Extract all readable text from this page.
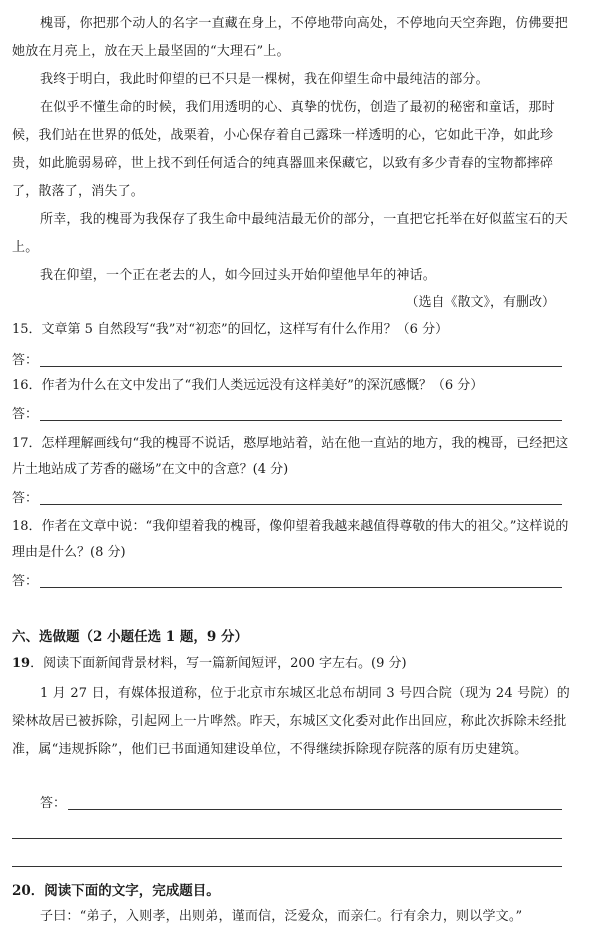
槐哥，你把那个动人的名字一直藏在身上，不停地带向高处，不停地向天空奔跑，仿佛要把她放在月亮上，放在天上最坚固的“大理石”上。

我终于明白，我此时仰望的已不只是一棵树，我在仰望生命中最纯洁的部分。

在似乎不懂生命的时候，我们用透明的心、真挚的忧伤，创造了最初的秘密和童话，那时候，我们站在世界的低处，战栗着，小心保存着自己露珠一样透明的心，它如此干净，如此珍贵，如此脆弱易碎，世上找不到任何适合的纯真器皿来保藏它，以致有多少青春的宝物都摔碎了，散落了，消失了。

所幸，我的槐哥为我保存了我生命中最纯洁最无价的部分，一直把它托举在好似蓝宝石的天上。

我在仰望，一个正在老去的人，如今回过头开始仰望他早年的神话。

（选自《散文》，有删改）

15．文章第 5 自然段写“我”对“初恋”的回忆，这样写有什么作用？（6 分）

答：

16．作者为什么在文中发出了“我们人类远远没有这样美好”的深沉感慨？（6 分）

答：

17．怎样理解画线句“我的槐哥不说话，憨厚地站着，站在他一直站的地方，我的槐哥，已经把这片土地站成了芳香的磁场”在文中的含意？(4 分)

答：

18．作者在文章中说：“我仰望着我的槐哥，像仰望着我越来越值得尊敬的伟大的祖父。”这样说的理由是什么？(8 分)

答：
六、选做题（2 小题任选 1 题，9 分）

19．阅读下面新闻背景材料，写一篇新闻短评，200 字左右。(9 分)

1 月 27 日，有媒体报道称，位于北京市东城区北总布胡同 3 号四合院（现为 24 号院）的梁林故居已被拆除，引起网上一片哗然。昨天，东城区文化委对此作出回应，称此次拆除未经批准，属“违规拆除”，他们已书面通知建设单位，不得继续拆除现存院落的原有历史建筑。

答：
20．阅读下面的文字，完成题目。

子曰：“弟子，入则孝，出则弟，谨而信，泛爱众，而亲仁。行有余力，则以学文。”
